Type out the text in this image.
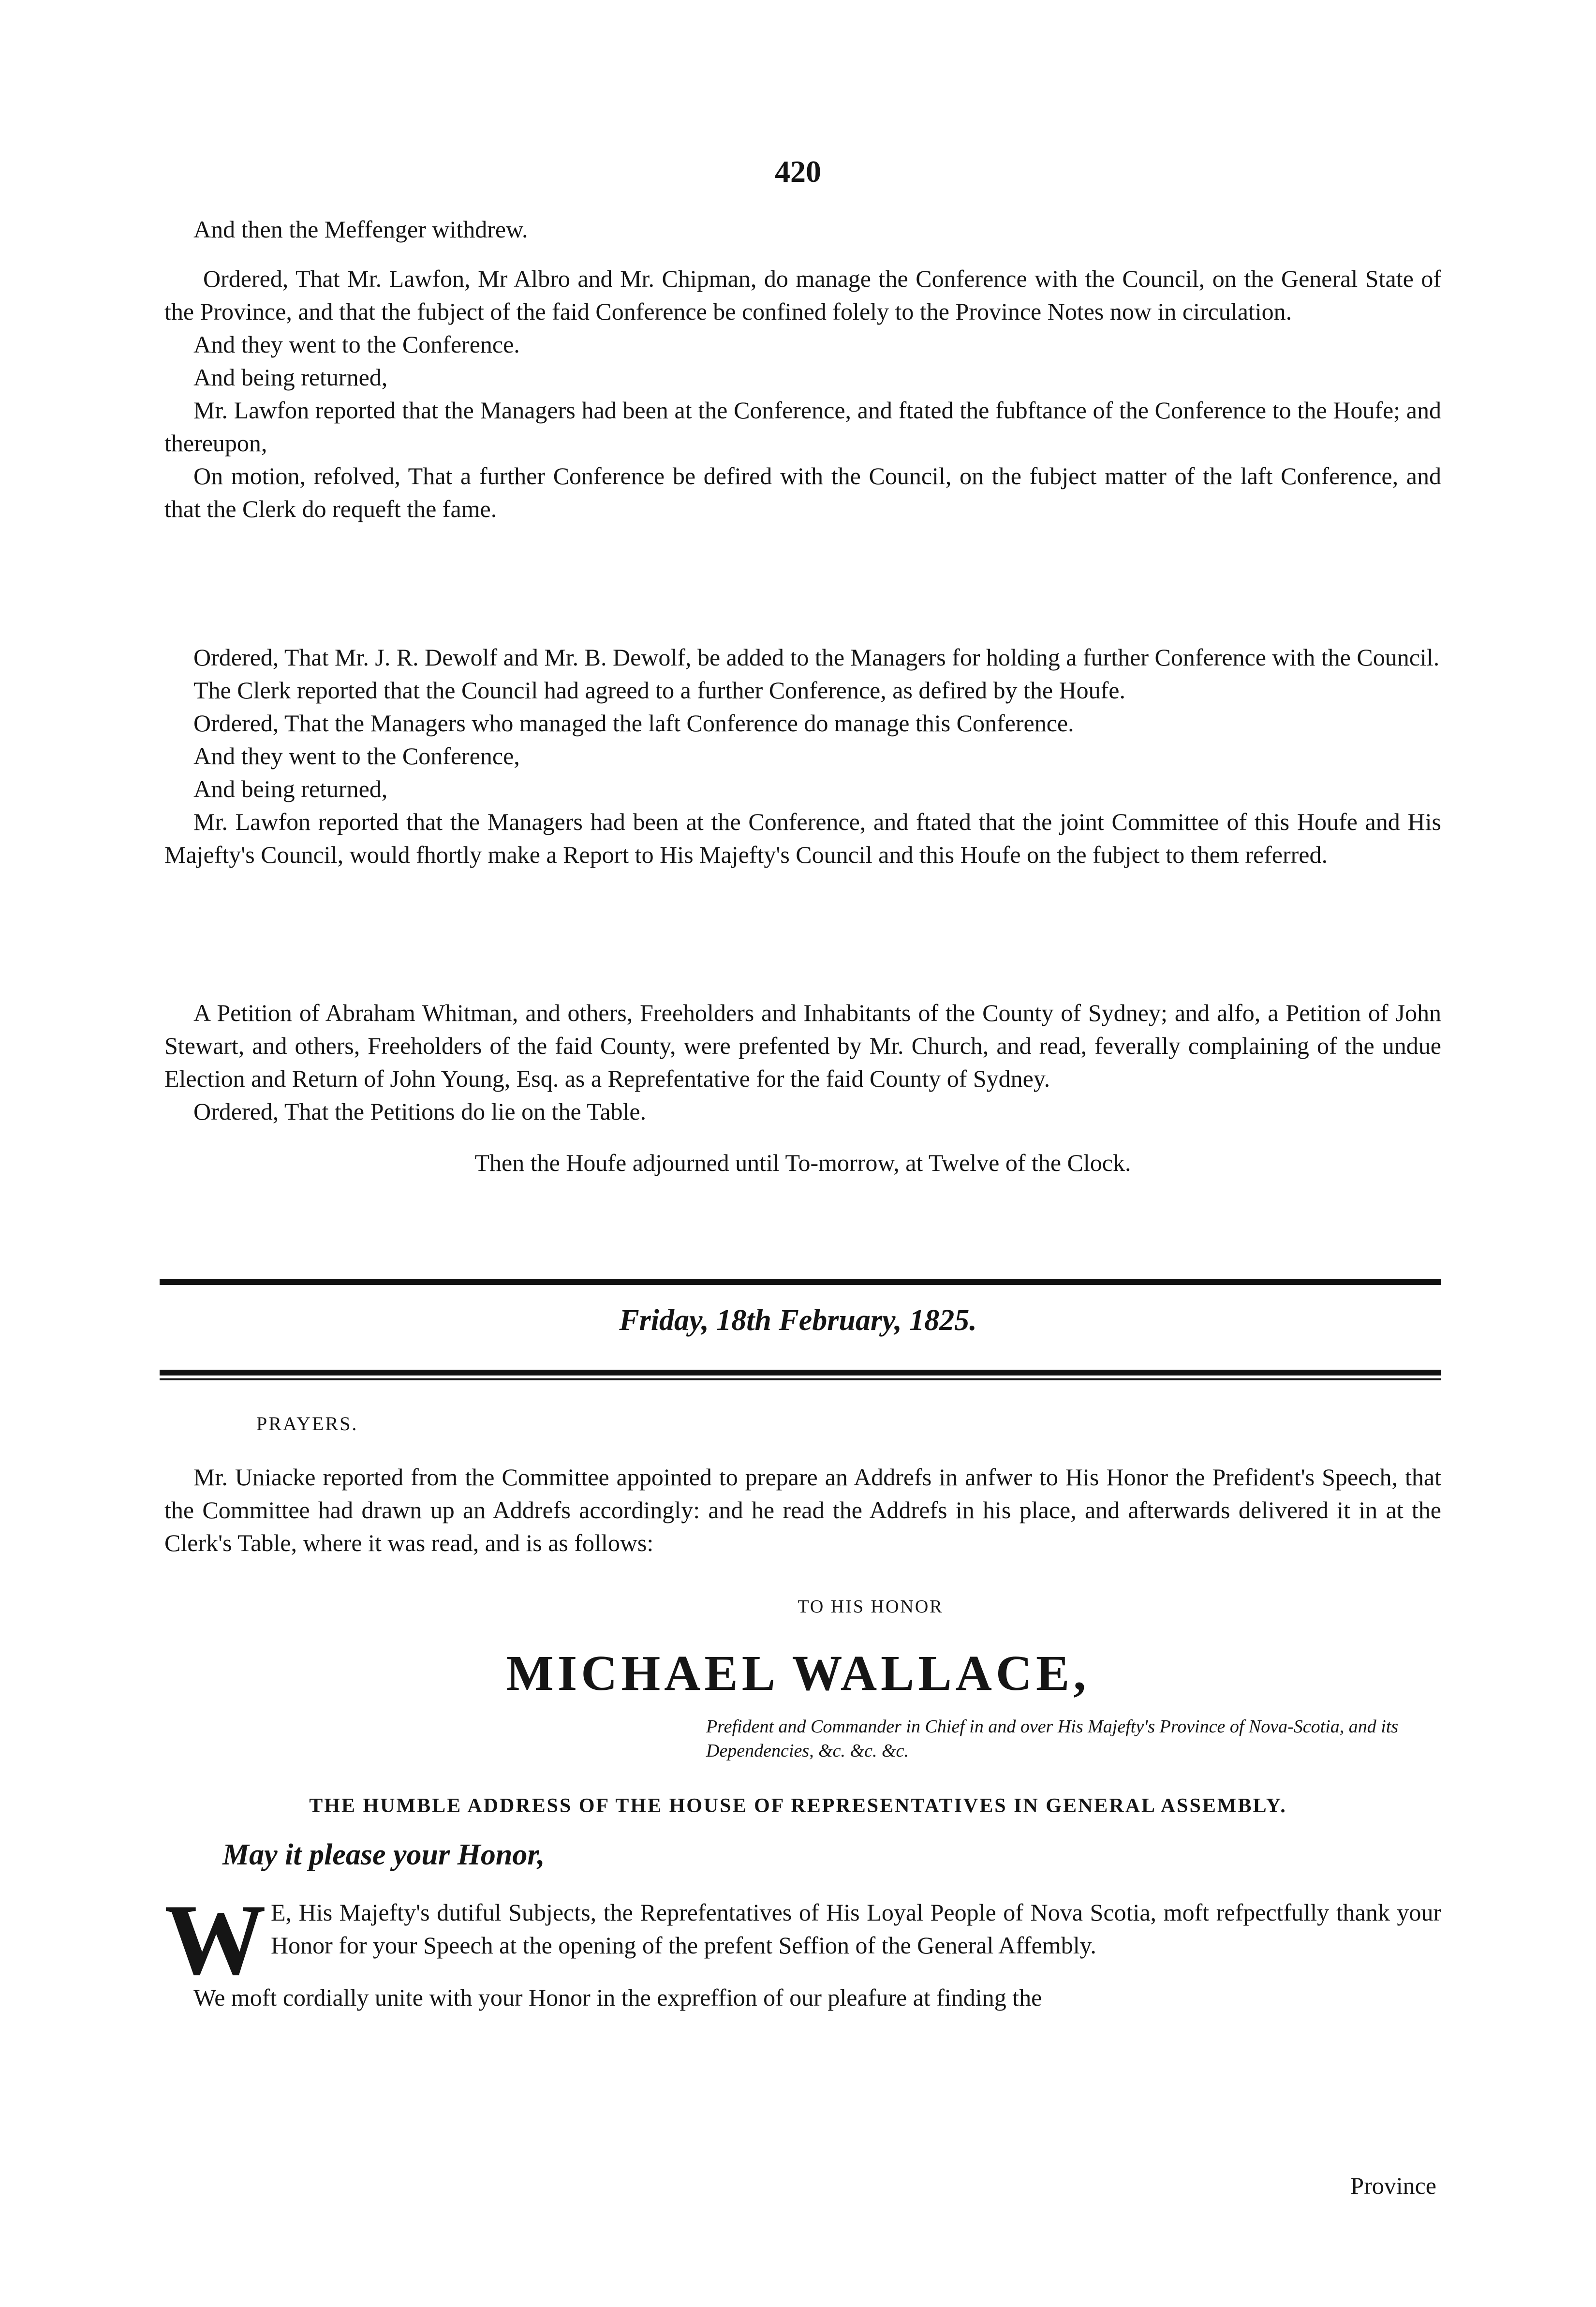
420

And then the Meffenger withdrew.

Ordered, That Mr. Lawfon, Mr Albro and Mr. Chipman, do manage the Conference with the Council, on the General State of the Province, and that the fubject of the faid Conference be confined folely to the Province Notes now in circulation.

And they went to the Conference.

And being returned,

Mr. Lawfon reported that the Managers had been at the Conference, and ftated the fubftance of the Conference to the Houfe; and thereupon,

On motion, refolved, That a further Conference be defired with the Council, on the fubject matter of the laft Conference, and that the Clerk do requeft the fame.

Ordered, That Mr. J. R. Dewolf and Mr. B. Dewolf, be added to the Managers for holding a further Conference with the Council.

The Clerk reported that the Council had agreed to a further Conference, as defired by the Houfe.

Ordered, That the Managers who managed the laft Conference do manage this Conference.

And they went to the Conference,

And being returned,

Mr. Lawfon reported that the Managers had been at the Conference, and ftated that the joint Committee of this Houfe and His Majefty's Council, would fhortly make a Report to His Majefty's Council and this Houfe on the fubject to them referred.

A Petition of Abraham Whitman, and others, Freeholders and Inhabitants of the County of Sydney; and alfo, a Petition of John Stewart, and others, Freeholders of the faid County, were prefented by Mr. Church, and read, feverally complaining of the undue Election and Return of John Young, Esq. as a Reprefentative for the faid County of Sydney.

Ordered, That the Petitions do lie on the Table.

Then the Houfe adjourned until To-morrow, at Twelve of the Clock.

Friday, 18th February, 1825.
PRAYERS.

Mr. Uniacke reported from the Committee appointed to prepare an Addrefs in anfwer to His Honor the Prefident's Speech, that the Committee had drawn up an Addrefs accordingly: and he read the Addrefs in his place, and afterwards delivered it in at the Clerk's Table, where it was read, and is as follows:

TO HIS HONOR
MICHAEL WALLACE,
Prefident and Commander in Chief in and over His Majefty's Province of Nova-Scotia, and its Dependencies, &c. &c. &c.
THE HUMBLE ADDRESS OF THE HOUSE OF REPRESENTATIVES IN GENERAL ASSEMBLY.
May it please your Honor,

W E, His Majefty's dutiful Subjects, the Reprefentatives of His Loyal People of Nova Scotia, moft refpectfully thank your Honor for your Speech at the opening of the prefent Seffion of the General Affembly.

We moft cordially unite with your Honor in the expreffion of our pleafure at finding the

Province
